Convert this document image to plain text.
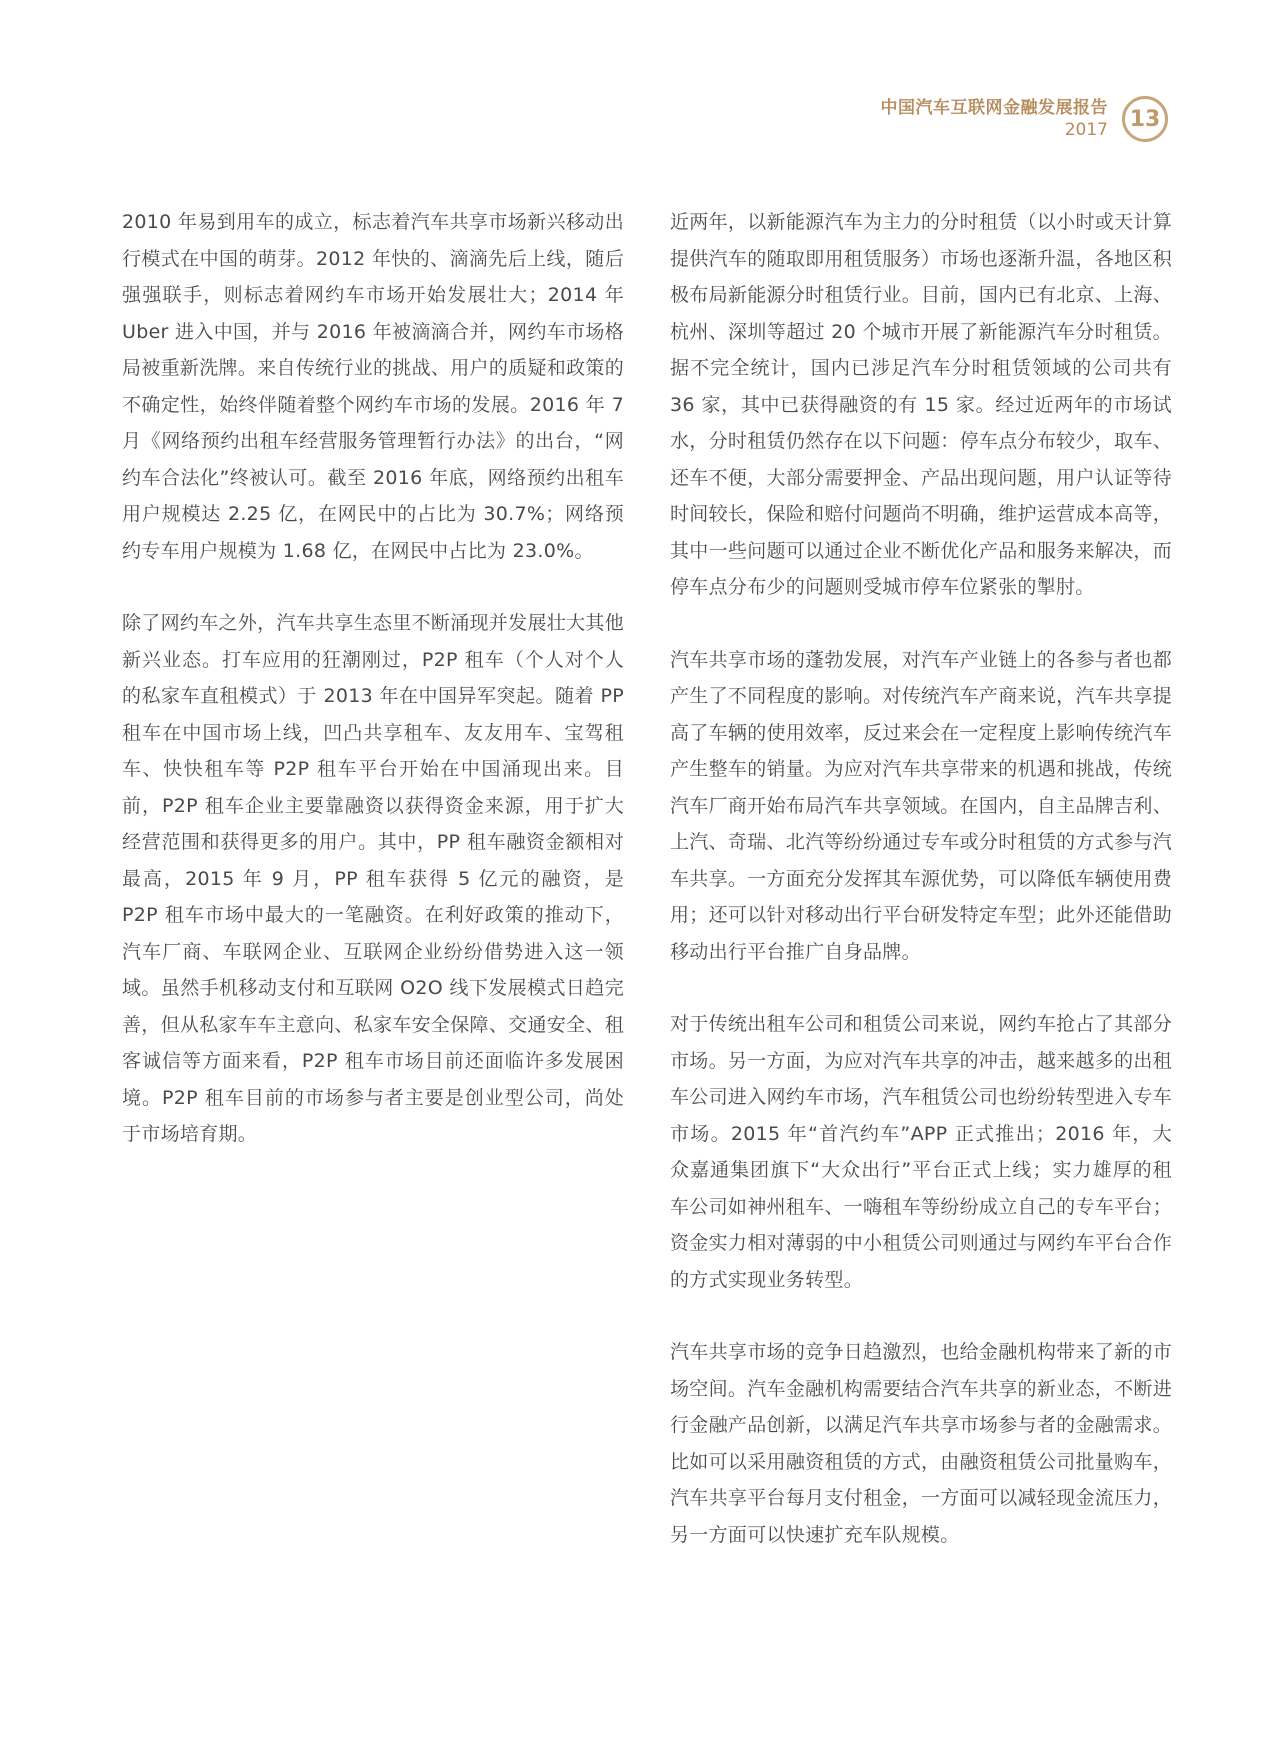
中国汽车互联网金融发展报告
2017 13

2010 年易到用车的成立，标志着汽车共享市场新兴移动出行模式在中国的萌芽。2012 年快的、滴滴先后上线，随后强强联手，则标志着网约车市场开始发展壮大；2014 年 Uber 进入中国，并与 2016 年被滴滴合并，网约车市场格局被重新洗牌。来自传统行业的挑战、用户的质疑和政策的不确定性，始终伴随着整个网约车市场的发展。2016 年 7 月《网络预约出租车经营服务管理暂行办法》的出台，“网约车合法化”终被认可。截至 2016 年底，网络预约出租车用户规模达 2.25 亿，在网民中的占比为 30.7%；网络预约专车用户规模为 1.68 亿，在网民中占比为 23.0%。

除了网约车之外，汽车共享生态里不断涌现并发展壮大其他新兴业态。打车应用的狂潮刚过，P2P 租车（个人对个人的私家车直租模式）于 2013 年在中国异军突起。随着 PP 租车在中国市场上线，凹凸共享租车、友友用车、宝驾租车、快快租车等 P2P 租车平台开始在中国涌现出来。目前，P2P 租车企业主要靠融资以获得资金来源，用于扩大经营范围和获得更多的用户。其中，PP 租车融资金额相对最高，2015 年 9 月，PP 租车获得 5 亿元的融资，是 P2P 租车市场中最大的一笔融资。在利好政策的推动下，汽车厂商、车联网企业、互联网企业纷纷借势进入这一领域。虽然手机移动支付和互联网 O2O 线下发展模式日趋完善，但从私家车车主意向、私家车安全保障、交通安全、租客诚信等方面来看，P2P 租车市场目前还面临许多发展困境。P2P 租车目前的市场参与者主要是创业型公司，尚处于市场培育期。

近两年，以新能源汽车为主力的分时租赁（以小时或天计算提供汽车的随取即用租赁服务）市场也逐渐升温，各地区积极布局新能源分时租赁行业。目前，国内已有北京、上海、杭州、深圳等超过 20 个城市开展了新能源汽车分时租赁。据不完全统计，国内已涉足汽车分时租赁领域的公司共有 36 家，其中已获得融资的有 15 家。经过近两年的市场试水，分时租赁仍然存在以下问题：停车点分布较少，取车、还车不便，大部分需要押金、产品出现问题，用户认证等待时间较长，保险和赔付问题尚不明确，维护运营成本高等，其中一些问题可以通过企业不断优化产品和服务来解决，而停车点分布少的问题则受城市停车位紧张的掣肘。

汽车共享市场的蓬勃发展，对汽车产业链上的各参与者也都产生了不同程度的影响。对传统汽车产商来说，汽车共享提高了车辆的使用效率，反过来会在一定程度上影响传统汽车产生整车的销量。为应对汽车共享带来的机遇和挑战，传统汽车厂商开始布局汽车共享领域。在国内，自主品牌吉利、上汽、奇瑞、北汽等纷纷通过专车或分时租赁的方式参与汽车共享。一方面充分发挥其车源优势，可以降低车辆使用费用；还可以针对移动出行平台研发特定车型；此外还能借助移动出行平台推广自身品牌。

对于传统出租车公司和租赁公司来说，网约车抢占了其部分市场。另一方面，为应对汽车共享的冲击，越来越多的出租车公司进入网约车市场，汽车租赁公司也纷纷转型进入专车市场。2015 年“首汽约车”APP 正式推出；2016 年，大众嘉通集团旗下“大众出行”平台正式上线；实力雄厚的租车公司如神州租车、一嗨租车等纷纷成立自己的专车平台；资金实力相对薄弱的中小租赁公司则通过与网约车平台合作的方式实现业务转型。

汽车共享市场的竞争日趋激烈，也给金融机构带来了新的市场空间。汽车金融机构需要结合汽车共享的新业态，不断进行金融产品创新，以满足汽车共享市场参与者的金融需求。比如可以采用融资租赁的方式，由融资租赁公司批量购车，汽车共享平台每月支付租金，一方面可以减轻现金流压力，另一方面可以快速扩充车队规模。
